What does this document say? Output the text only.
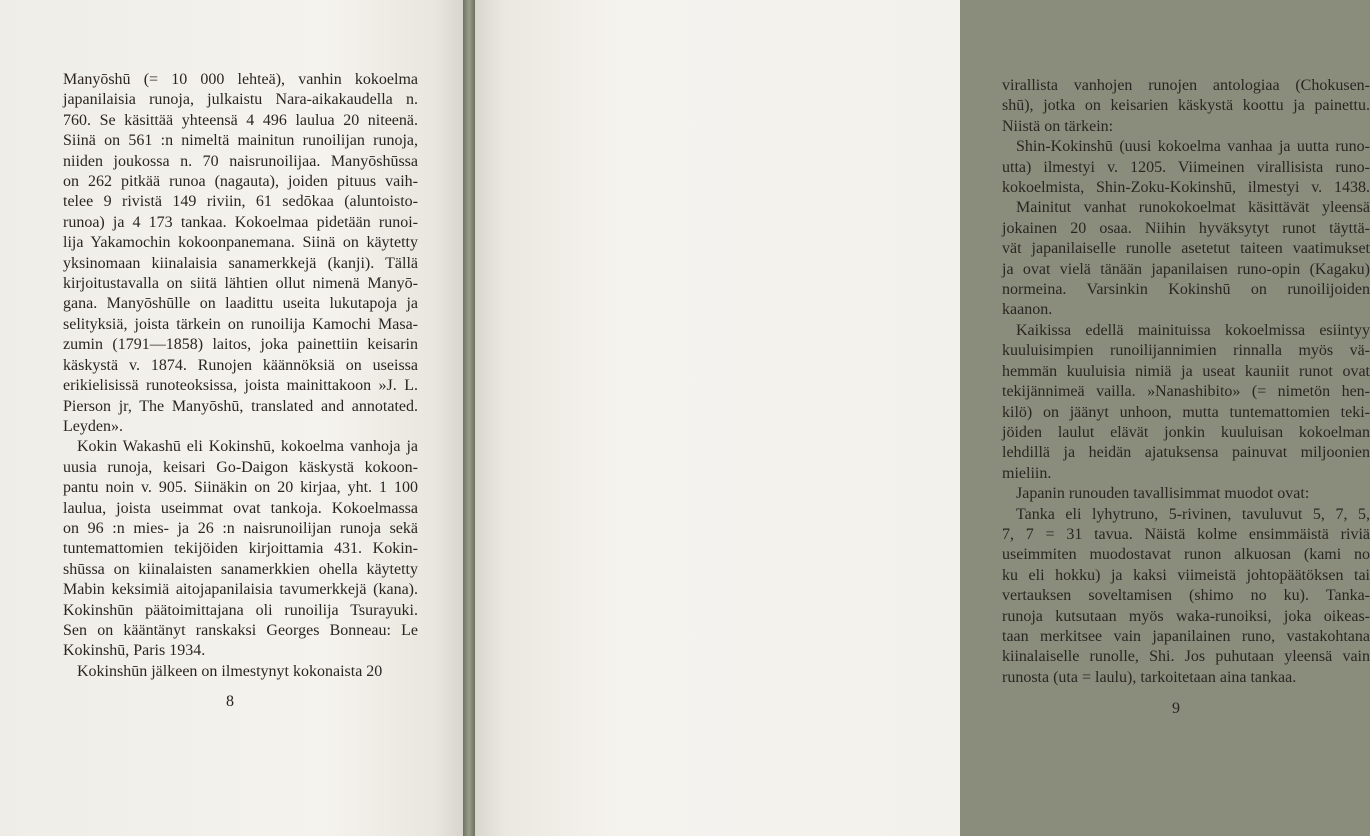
Manyōshū (= 10 000 lehteä), vanhin kokoelma
japanilaisia runoja, julkaistu Nara-aikakaudella n.
760. Se käsittää yhteensä 4 496 laulua 20 niteenä.
Siinä on 561 :n nimeltä mainitun runoilijan runoja,
niiden joukossa n. 70 naisrunoilijaa. Manyōshūssa
on 262 pitkää runoa (nagauta), joiden pituus vaih-
telee 9 rivistä 149 riviin, 61 sedōkaa (aluntoisto-
runoa) ja 4 173 tankaa. Kokoelmaa pidetään runoi-
lija Yakamochin kokoonpanemana. Siinä on käytetty
yksinomaan kiinalaisia sanamerkkejä (kanji). Tällä
kirjoitustavalla on siitä lähtien ollut nimenä Manyō-
gana. Manyōshūlle on laadittu useita lukutapoja ja
selityksiä, joista tärkein on runoilija Kamochi Masa-
zumin (1791—1858) laitos, joka painettiin keisarin
käskystä v. 1874. Runojen käännöksiä on useissa
erikielisissä runoteoksissa, joista mainittakoon »J. L.
Pierson jr, The Manyōshū, translated and annotated.
Leyden».
Kokin Wakashū eli Kokinshū, kokoelma vanhoja ja
uusia runoja, keisari Go-Daigon käskystä kokoon-
pantu noin v. 905. Siinäkin on 20 kirjaa, yht. 1 100
laulua, joista useimmat ovat tankoja. Kokoelmassa
on 96 :n mies- ja 26 :n naisrunoilijan runoja sekä
tuntemattomien tekijöiden kirjoittamia 431. Kokin-
shūssa on kiinalaisten sanamerkkien ohella käytetty
Mabin keksimiä aitojapanilaisia tavumerkkejä (kana).
Kokinshūn päätoimittajana oli runoilija Tsurayuki.
Sen on kääntänyt ranskaksi Georges Bonneau: Le
Kokinshū, Paris 1934.
Kokinshūn jälkeen on ilmestynyt kokonaista 20
8
virallista vanhojen runojen antologiaa (Chokusen-
shū), jotka on keisarien käskystä koottu ja painettu.
Niistä on tärkein:
Shin-Kokinshū (uusi kokoelma vanhaa ja uutta runo-
utta) ilmestyi v. 1205. Viimeinen virallisista runo-
kokoelmista, Shin-Zoku-Kokinshū, ilmestyi v. 1438.
Mainitut vanhat runokokoelmat käsittävät yleensä
jokainen 20 osaa. Niihin hyväksytyt runot täyttä-
vät japanilaiselle runolle asetetut taiteen vaatimukset
ja ovat vielä tänään japanilaisen runo-opin (Kagaku)
normeina. Varsinkin Kokinshū on runoilijoiden
kaanon.
Kaikissa edellä mainituissa kokoelmissa esiintyy
kuuluisimpien runoilijannimien rinnalla myös vä-
hemmän kuuluisia nimiä ja useat kauniit runot ovat
tekijännimeä vailla. »Nanashibito» (= nimetön hen-
kilö) on jäänyt unhoon, mutta tuntemattomien teki-
jöiden laulut elävät jonkin kuuluisan kokoelman
lehdillä ja heidän ajatuksensa painuvat miljoonien
mieliin.
Japanin runouden tavallisimmat muodot ovat:
Tanka eli lyhytruno, 5-rivinen, tavuluvut 5, 7, 5,
7, 7 = 31 tavua. Näistä kolme ensimmäistä riviä
useimmiten muodostavat runon alkuosan (kami no
ku eli hokku) ja kaksi viimeistä johtopäätöksen tai
vertauksen soveltamisen (shimo no ku). Tanka-
runoja kutsutaan myös waka-runoiksi, joka oikeas-
taan merkitsee vain japanilainen runo, vastakohtana
kiinalaiselle runolle, Shi. Jos puhutaan yleensä vain
runosta (uta = laulu), tarkoitetaan aina tankaa.
9
